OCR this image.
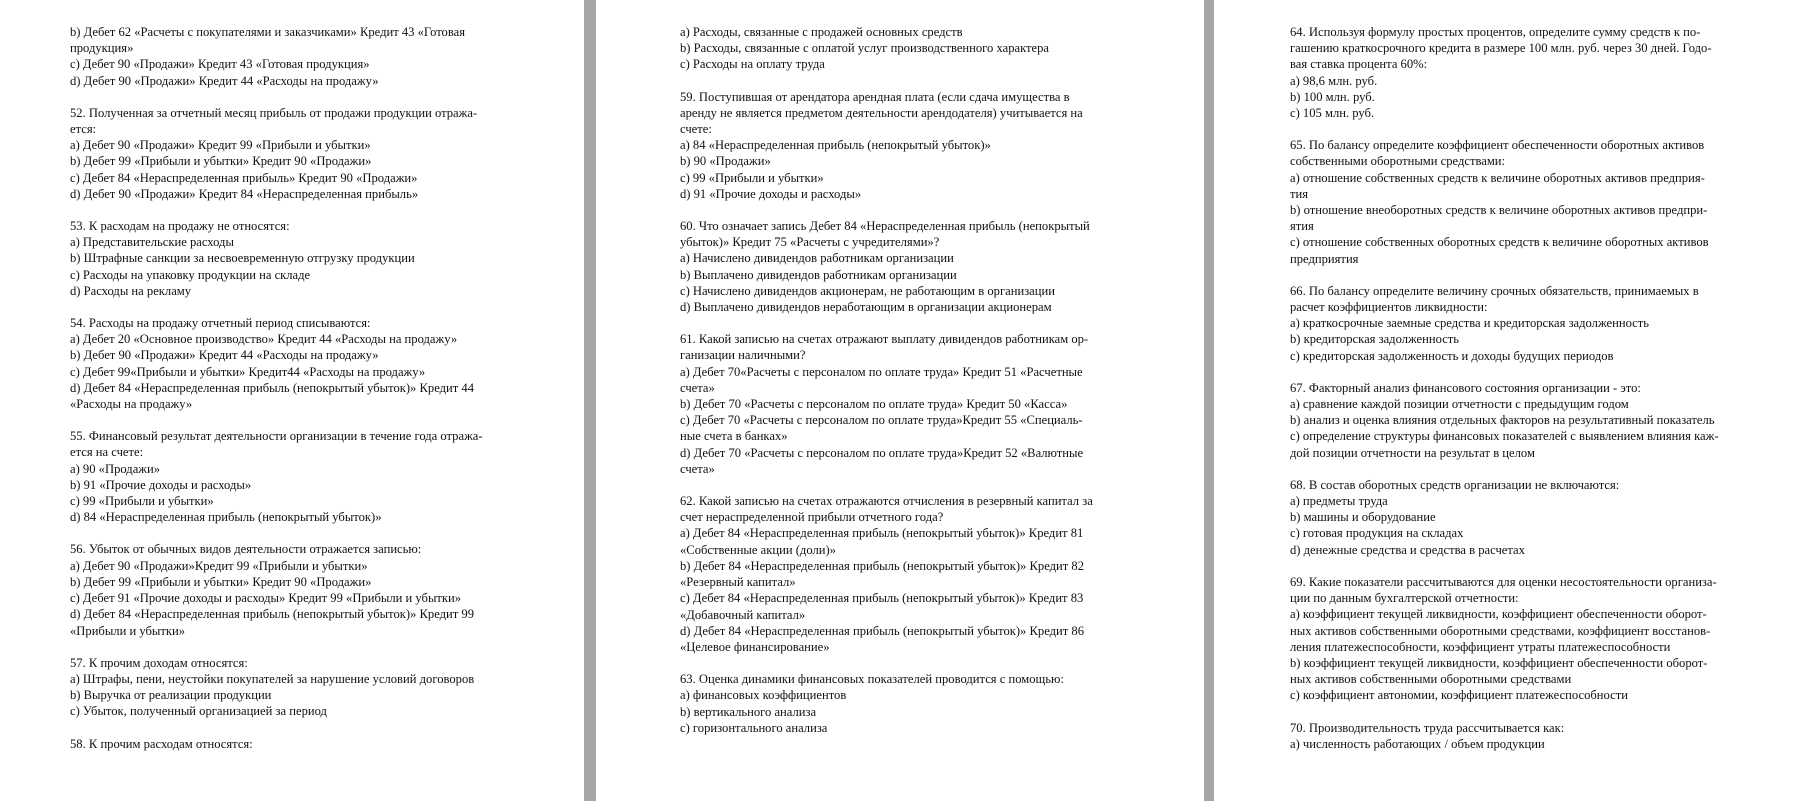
b) Дебет 62 «Расчеты с покупателями и заказчиками» Кредит 43 «Готовая
продукция»
c) Дебет 90 «Продажи» Кредит 43 «Готовая продукция»
d) Дебет 90 «Продажи» Кредит 44 «Расходы на продажу»
52. Полученная за отчетный месяц прибыль от продажи продукции отража-
ется:
a) Дебет 90 «Продажи» Кредит 99 «Прибыли и убытки»
b) Дебет 99 «Прибыли и убытки» Кредит 90 «Продажи»
c) Дебет 84 «Нераспределенная прибыль» Кредит 90 «Продажи»
d) Дебет 90 «Продажи» Кредит 84 «Нераспределенная прибыль»
53. К расходам на продажу не относятся:
a) Представительские расходы
b) Штрафные санкции за несвоевременную отгрузку продукции
c) Расходы на упаковку продукции на складе
d) Расходы на рекламу
54. Расходы на продажу отчетный период списываются:
a) Дебет 20 «Основное производство» Кредит 44 «Расходы на продажу»
b) Дебет 90 «Продажи» Кредит 44 «Расходы на продажу»
c) Дебет 99«Прибыли и убытки» Кредит44 «Расходы на продажу»
d) Дебет 84 «Нераспределенная прибыль (непокрытый убыток)» Кредит 44
«Расходы на продажу»
55. Финансовый результат деятельности организации в течение года отража-
ется на счете:
a) 90 «Продажи»
b) 91 «Прочие доходы и расходы»
c) 99 «Прибыли и убытки»
d) 84 «Нераспределенная прибыль (непокрытый убыток)»
56. Убыток от обычных видов деятельности отражается записью:
a) Дебет 90 «Продажи»Кредит 99 «Прибыли и убытки»
b) Дебет 99 «Прибыли и убытки» Кредит 90 «Продажи»
c) Дебет 91 «Прочие доходы и расходы» Кредит 99 «Прибыли и убытки»
d) Дебет 84 «Нераспределенная прибыль (непокрытый убыток)» Кредит 99
«Прибыли и убытки»
57. К прочим доходам относятся:
a) Штрафы, пени, неустойки покупателей за нарушение условий договоров
b) Выручка от реализации продукции
c) Убыток, полученный организацией за период
58. К прочим расходам относятся:
a) Расходы, связанные с продажей основных средств
b) Расходы, связанные с оплатой услуг производственного характера
c) Расходы на оплату труда
59. Поступившая от арендатора арендная плата (если сдача имущества в
аренду не является предметом деятельности арендодателя) учитывается на
счете:
a) 84 «Нераспределенная прибыль (непокрытый убыток)»
b) 90 «Продажи»
c) 99 «Прибыли и убытки»
d) 91 «Прочие доходы и расходы»
60. Что означает запись Дебет 84 «Нераспределенная прибыль (непокрытый
убыток)» Кредит 75 «Расчеты с учредителями»?
a) Начислено дивидендов работникам организации
b) Выплачено дивидендов работникам организации
c) Начислено дивидендов акционерам, не работающим в организации
d) Выплачено дивидендов неработающим в организации акционерам
61. Какой записью на счетах отражают выплату дивидендов работникам ор-
ганизации наличными?
a) Дебет 70«Расчеты с персоналом по оплате труда» Кредит 51 «Расчетные
счета»
b) Дебет 70 «Расчеты с персоналом по оплате труда» Кредит 50 «Касса»
c) Дебет 70 «Расчеты с персоналом по оплате труда»Кредит 55 «Специаль-
ные счета в банках»
d) Дебет 70 «Расчеты с персоналом по оплате труда»Кредит 52 «Валютные
счета»
62. Какой записью на счетах отражаются отчисления в резервный капитал за
счет нераспределенной прибыли отчетного года?
a) Дебет 84 «Нераспределенная прибыль (непокрытый убыток)» Кредит 81
«Собственные акции (доли)»
b) Дебет 84 «Нераспределенная прибыль (непокрытый убыток)» Кредит 82
«Резервный капитал»
c) Дебет 84 «Нераспределенная прибыль (непокрытый убыток)» Кредит 83
«Добавочный капитал»
d) Дебет 84 «Нераспределенная прибыль (непокрытый убыток)» Кредит 86
«Целевое финансирование»
63. Оценка динамики финансовых показателей проводится с помощью:
a) финансовых коэффициентов
b) вертикального анализа
c) горизонтального анализа
64. Используя формулу простых процентов, определите сумму средств к по-
гашению краткосрочного кредита в размере 100 млн. руб. через 30 дней. Годо-
вая ставка процента 60%:
a) 98,6 млн. руб.
b) 100 млн. руб.
c) 105 млн. руб.
65. По балансу определите коэффициент обеспеченности оборотных активов
собственными оборотными средствами:
a) отношение собственных средств к величине оборотных активов предприя-
тия
b) отношение внеоборотных средств к величине оборотных активов предпри-
ятия
c) отношение собственных оборотных средств к величине оборотных активов
предприятия
66. По балансу определите величину срочных обязательств, принимаемых в
расчет коэффициентов ликвидности:
a) краткосрочные заемные средства и кредиторская задолженность
b) кредиторская задолженность
c) кредиторская задолженность и доходы будущих периодов
67. Факторный анализ финансового состояния организации - это:
a) сравнение каждой позиции отчетности с предыдущим годом
b) анализ и оценка влияния отдельных факторов на результативный показатель
c) определение структуры финансовых показателей с выявлением влияния каж-
дой позиции отчетности на результат в целом
68. В состав оборотных средств организации не включаются:
a) предметы труда
b) машины и оборудование
c) готовая продукция на складах
d) денежные средства и средства в расчетах
69. Какие показатели рассчитываются для оценки несостоятельности организа-
ции по данным бухгалтерской отчетности:
a) коэффициент текущей ликвидности, коэффициент обеспеченности оборот-
ных активов собственными оборотными средствами, коэффициент восстанов-
ления платежеспособности, коэффициент утраты платежеспособности
b) коэффициент текущей ликвидности, коэффициент обеспеченности оборот-
ных активов собственными оборотными средствами
c) коэффициент автономии, коэффициент платежеспособности
70. Производительность труда рассчитывается как:
a) численность работающих / объем продукции
